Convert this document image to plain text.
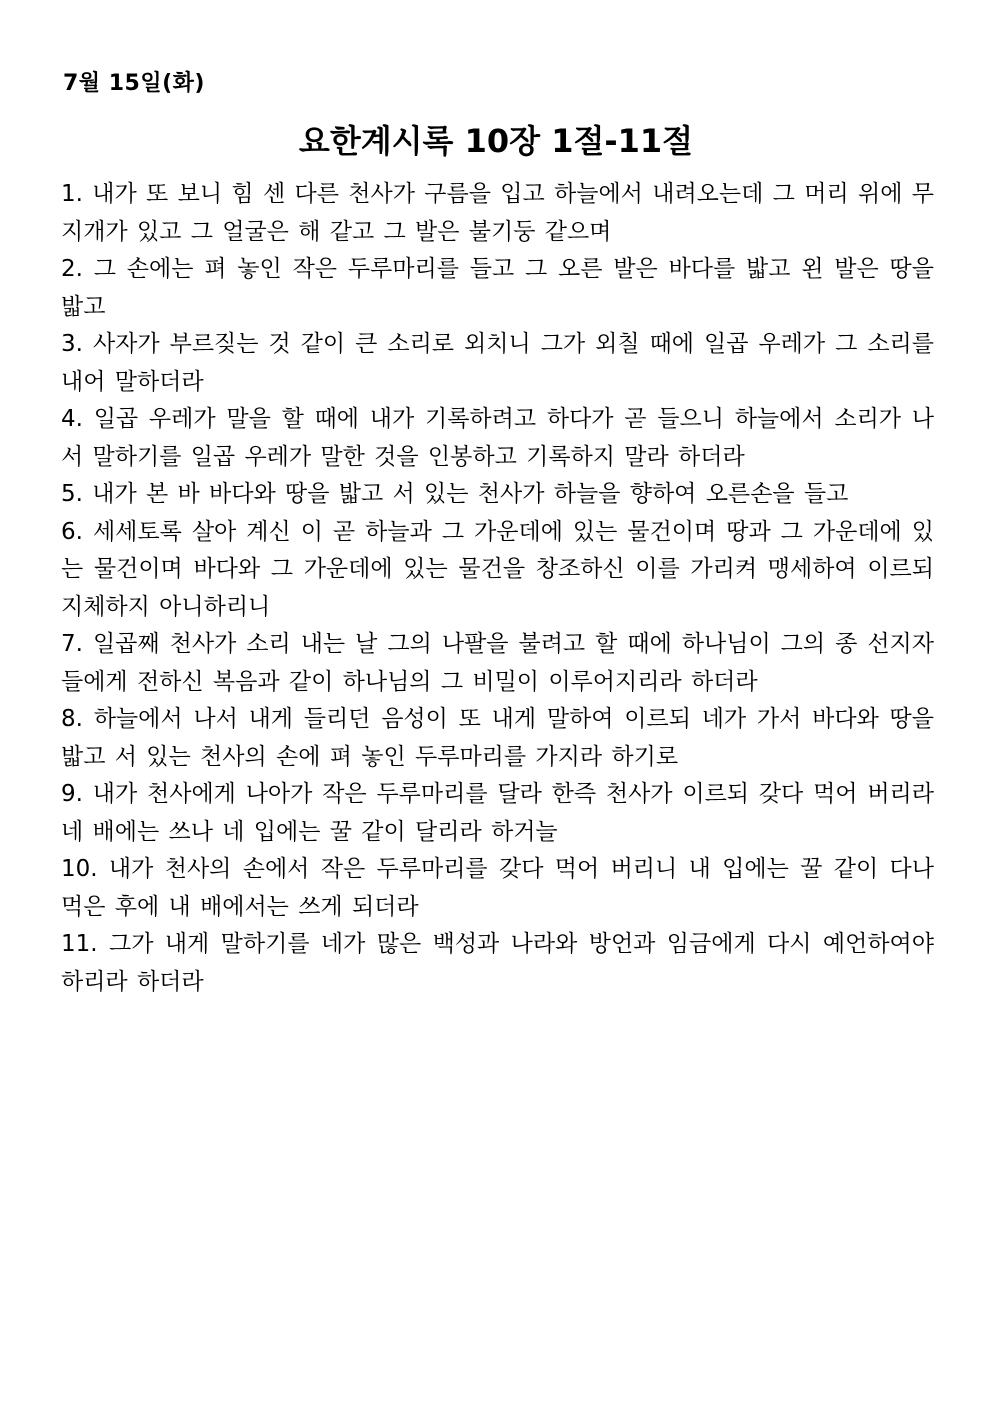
7월 15일(화)
요한계시록 10장 1절-11절

1. 내가 또 보니 힘 센 다른 천사가 구름을 입고 하늘에서 내려오는데 그 머리 위에 무지개가 있고 그 얼굴은 해 같고 그 발은 불기둥 같으며

2. 그 손에는 펴 놓인 작은 두루마리를 들고 그 오른 발은 바다를 밟고 왼 발은 땅을 밟고

3. 사자가 부르짖는 것 같이 큰 소리로 외치니 그가 외칠 때에 일곱 우레가 그 소리를 내어 말하더라

4. 일곱 우레가 말을 할 때에 내가 기록하려고 하다가 곧 들으니 하늘에서 소리가 나서 말하기를 일곱 우레가 말한 것을 인봉하고 기록하지 말라 하더라

5. 내가 본 바 바다와 땅을 밟고 서 있는 천사가 하늘을 향하여 오른손을 들고

6. 세세토록 살아 계신 이 곧 하늘과 그 가운데에 있는 물건이며 땅과 그 가운데에 있는 물건이며 바다와 그 가운데에 있는 물건을 창조하신 이를 가리켜 맹세하여 이르되 지체하지 아니하리니

7. 일곱째 천사가 소리 내는 날 그의 나팔을 불려고 할 때에 하나님이 그의 종 선지자들에게 전하신 복음과 같이 하나님의 그 비밀이 이루어지리라 하더라

8. 하늘에서 나서 내게 들리던 음성이 또 내게 말하여 이르되 네가 가서 바다와 땅을 밟고 서 있는 천사의 손에 펴 놓인 두루마리를 가지라 하기로

9. 내가 천사에게 나아가 작은 두루마리를 달라 한즉 천사가 이르되 갖다 먹어 버리라 네 배에는 쓰나 네 입에는 꿀 같이 달리라 하거늘

10. 내가 천사의 손에서 작은 두루마리를 갖다 먹어 버리니 내 입에는 꿀 같이 다나 먹은 후에 내 배에서는 쓰게 되더라

11. 그가 내게 말하기를 네가 많은 백성과 나라와 방언과 임금에게 다시 예언하여야 하리라 하더라
